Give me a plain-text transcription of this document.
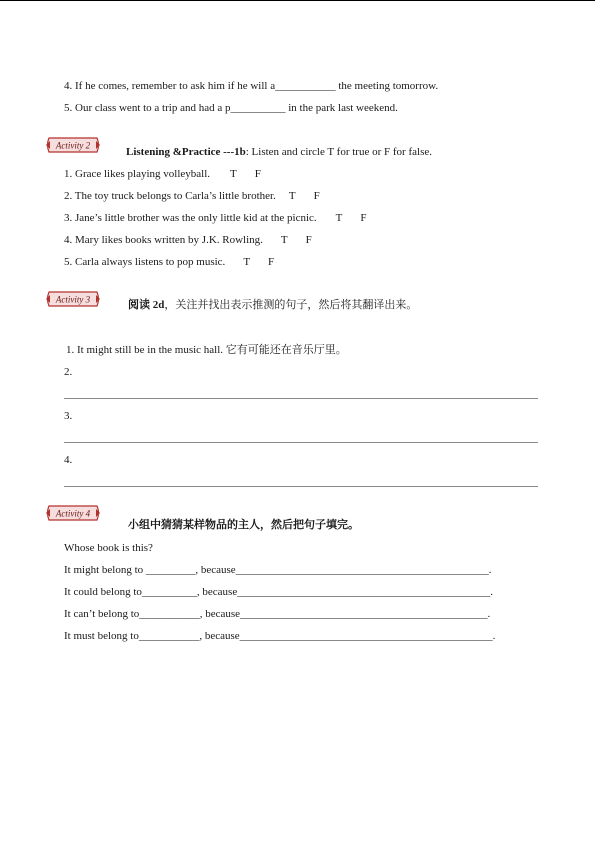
4. If he comes, remember to ask him if he will a___________ the meeting tomorrow.
5. Our class went to a trip and had a p__________ in the park last weekend.
Activity 2
Listening &Practice ---1b: Listen and circle T for true or F for false.
1. Grace likes playing volleyball. T F
2. The toy truck belongs to Carla’s little brother. T F
3. Jane’s little brother was the only little kid at the picnic. T F
4. Mary likes books written by J.K. Rowling. T F
5. Carla always listens to pop music. T F
Activity 3	阅读 2d，关注并找出表示推测的句子，然后将其翻译出来。
1. It might still be in the music hall. 它有可能还在音乐厅里。
2.
3.
4.
Activity 4
小组中猜猜某样物品的主人，然后把句子填完。
Whose book is this?
It might belong to _________, because______________________________________________.
It could belong to__________, because______________________________________________.
It can’t belong to___________, because_____________________________________________.
It must belong to___________, because______________________________________________.
